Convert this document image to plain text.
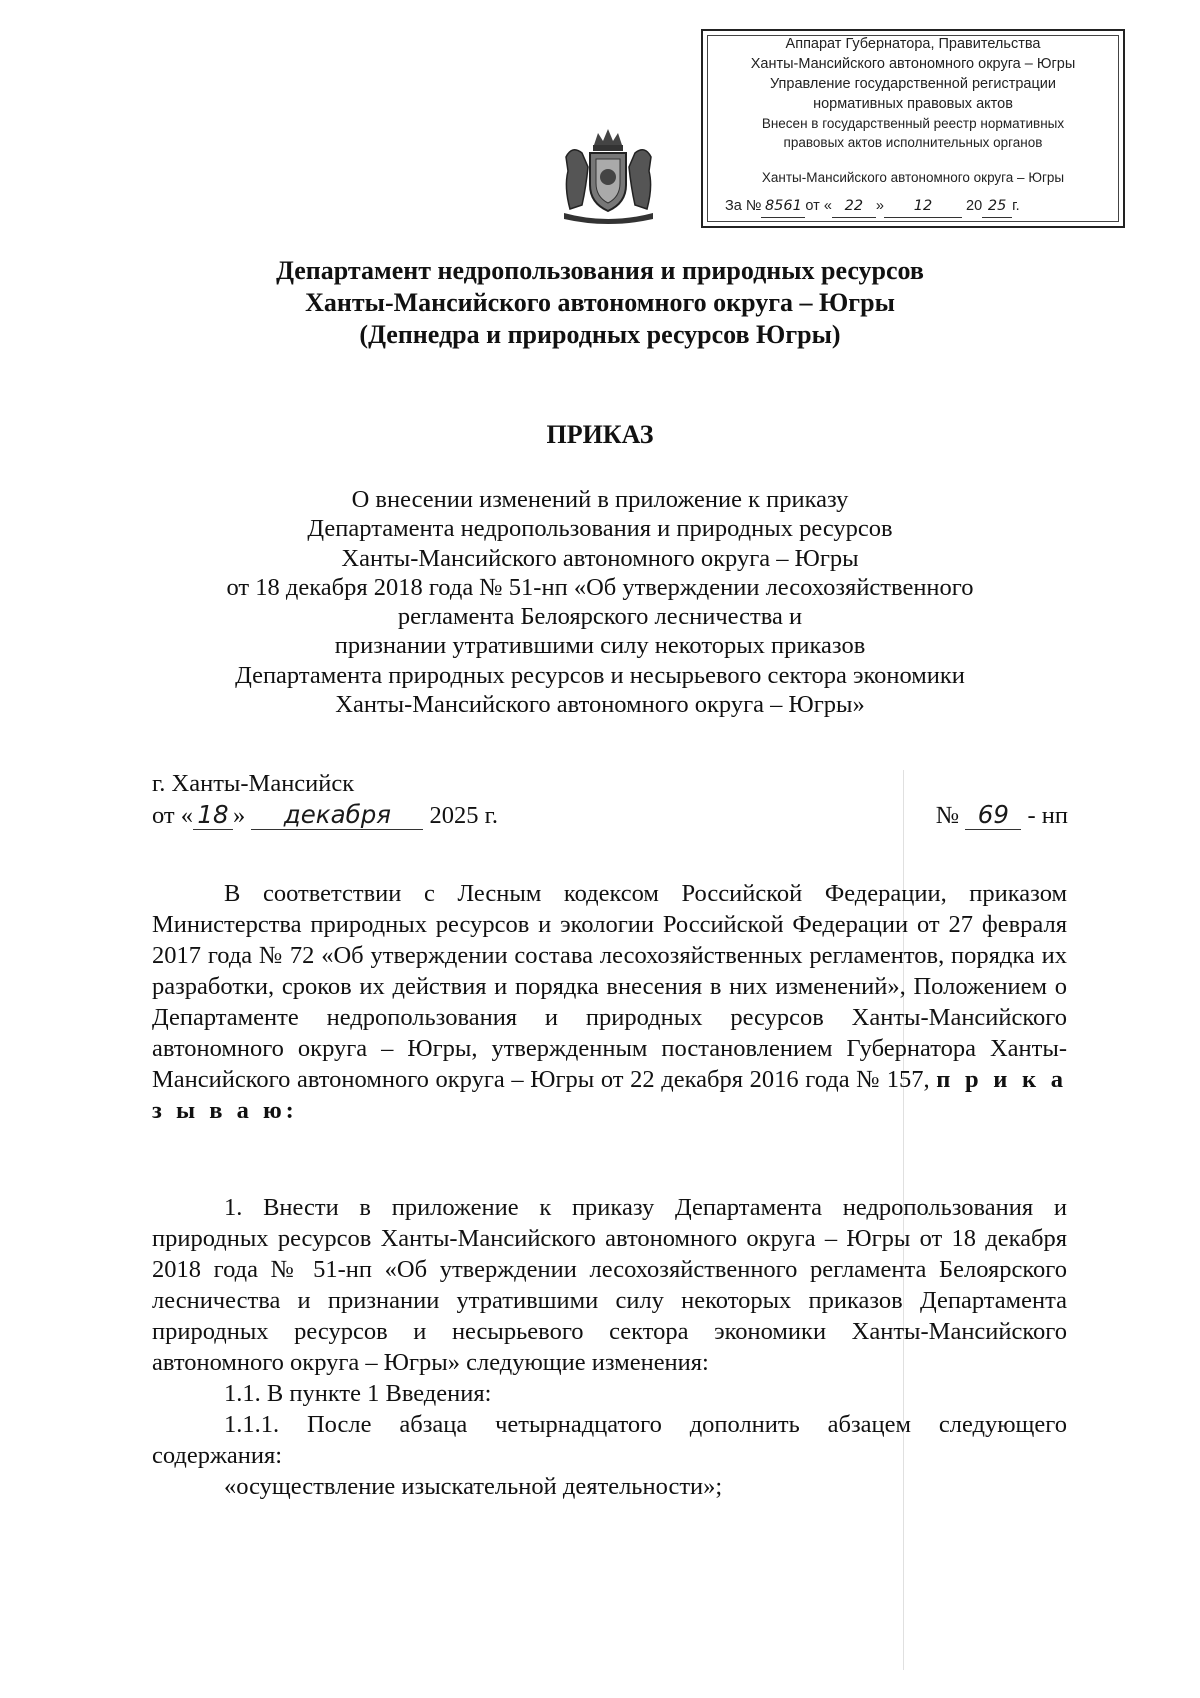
Аппарат Губернатора, Правительства
Ханты-Мансийского автономного округа – Югры
Управление государственной регистрации
нормативных правовых актов
Внесен в государственный реестр нормативных
правовых актов исполнительных органов
Ханты-Мансийского автономного округа – Югры
За № 8561 от « 22 » 12 20 25 г.
Департамент недропользования и природных ресурсов
Ханты-Мансийского автономного округа – Югры
(Депнедра и природных ресурсов Югры)
ПРИКАЗ
О внесении изменений в приложение к приказу
Департамента недропользования и природных ресурсов
Ханты-Мансийского автономного округа – Югры
от 18 декабря 2018 года № 51-нп «Об утверждении лесохозяйственного
регламента Белоярского лесничества и
признании утратившими силу некоторых приказов
Департамента природных ресурсов и несырьевого сектора экономики
Ханты-Мансийского автономного округа – Югры»
г. Ханты-Мансийск
от « 18 » декабря 2025 г.	№ 69 - нп

В соответствии с Лесным кодексом Российской Федерации, приказом Министерства природных ресурсов и экологии Российской Федерации от 27 февраля 2017 года № 72 «Об утверждении состава лесохозяйственных регламентов, порядка их разработки, сроков их действия и порядка внесения в них изменений», Положением о Департаменте недропользования и природных ресурсов Ханты-Мансийского автономного округа – Югры, утвержденным постановлением Губернатора Ханты-Мансийского автономного округа – Югры от 22 декабря 2016 года № 157, п р и к а з ы в а ю:

1. Внести в приложение к приказу Департамента недропользования и природных ресурсов Ханты-Мансийского автономного округа – Югры от 18 декабря 2018 года № 51-нп «Об утверждении лесохозяйственного регламента Белоярского лесничества и признании утратившими силу некоторых приказов Департамента природных ресурсов и несырьевого сектора экономики Ханты-Мансийского автономного округа – Югры» следующие изменения:

1.1. В пункте 1 Введения:

1.1.1. После абзаца четырнадцатого дополнить абзацем следующего содержания:

«осуществление изыскательной деятельности»;
